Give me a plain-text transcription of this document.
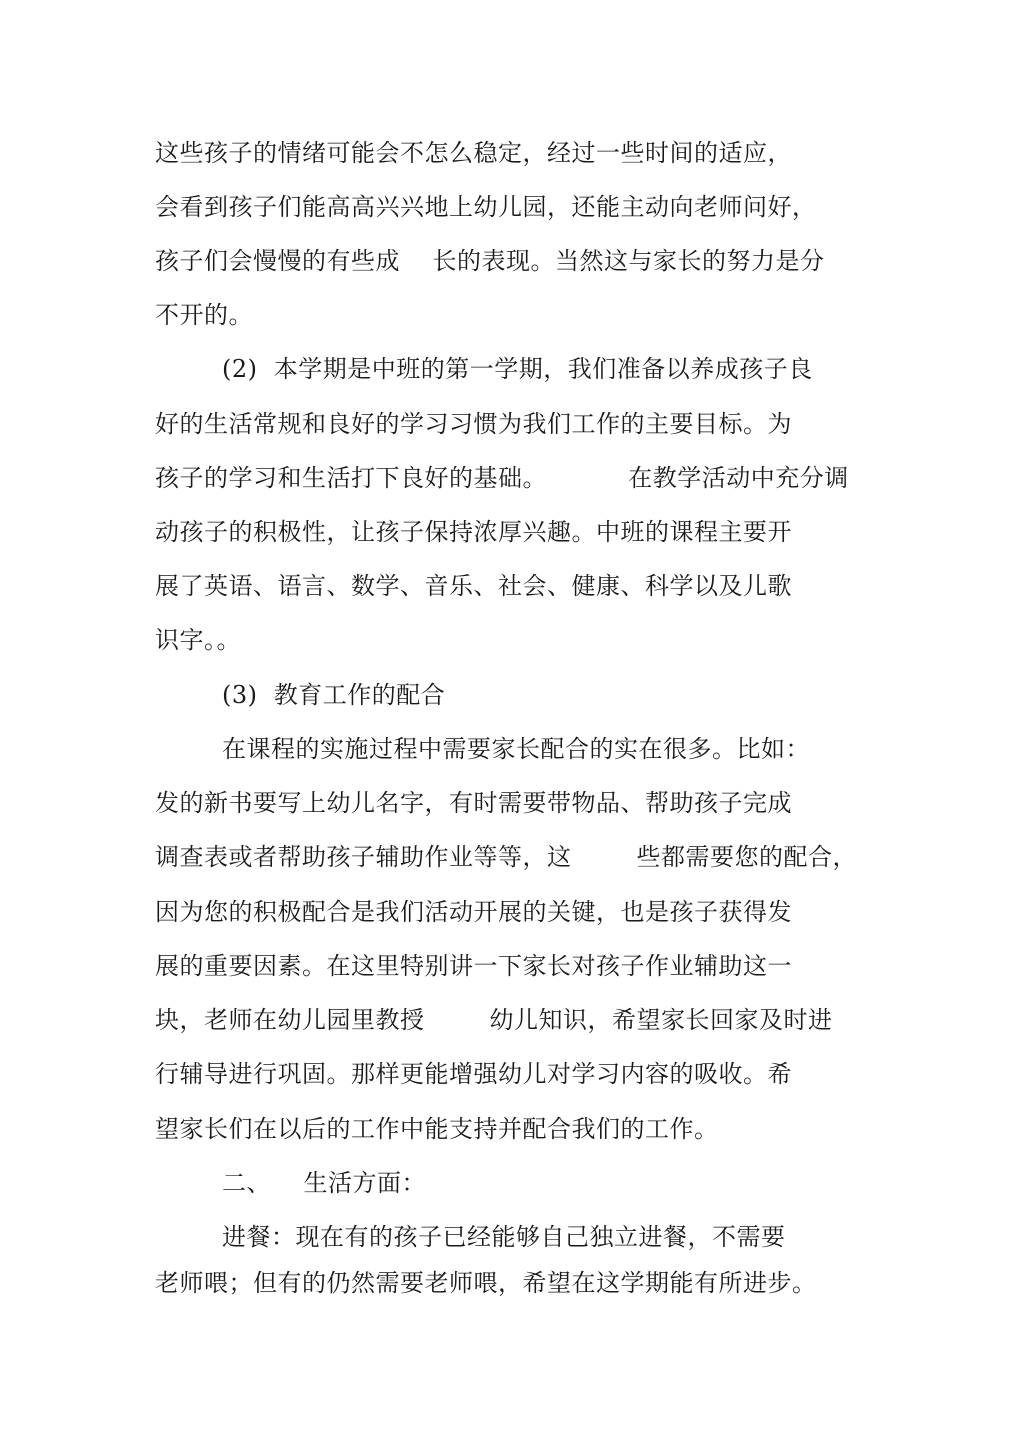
这些孩子的情绪可能会不怎么稳定，经过一些时间的适应，
会看到孩子们能高高兴兴地上幼儿园，还能主动向老师问好，
孩子们会慢慢的有些成    长的表现。当然这与家长的努力是分
不开的。
(2)  本学期是中班的第一学期，我们准备以养成孩子良
好的生活常规和良好的学习习惯为我们工作的主要目标。为
孩子的学习和生活打下良好的基础。          在教学活动中充分调
动孩子的积极性，让孩子保持浓厚兴趣。中班的课程主要开
展了英语、语言、数学、音乐、社会、健康、科学以及儿歌
识字。。
(3)  教育工作的配合
在课程的实施过程中需要家长配合的实在很多。比如：
发的新书要写上幼儿名字，有时需要带物品、帮助孩子完成
调查表或者帮助孩子辅助作业等等，这        些都需要您的配合，
因为您的积极配合是我们活动开展的关键，也是孩子获得发
展的重要因素。在这里特别讲一下家长对孩子作业辅助这一
块，老师在幼儿园里教授        幼儿知识，希望家长回家及时进
行辅导进行巩固。那样更能增强幼儿对学习内容的吸收。希
望家长们在以后的工作中能支持并配合我们的工作。
二、    生活方面：
进餐：现在有的孩子已经能够自己独立进餐，不需要
老师喂；但有的仍然需要老师喂，希望在这学期能有所进步。
